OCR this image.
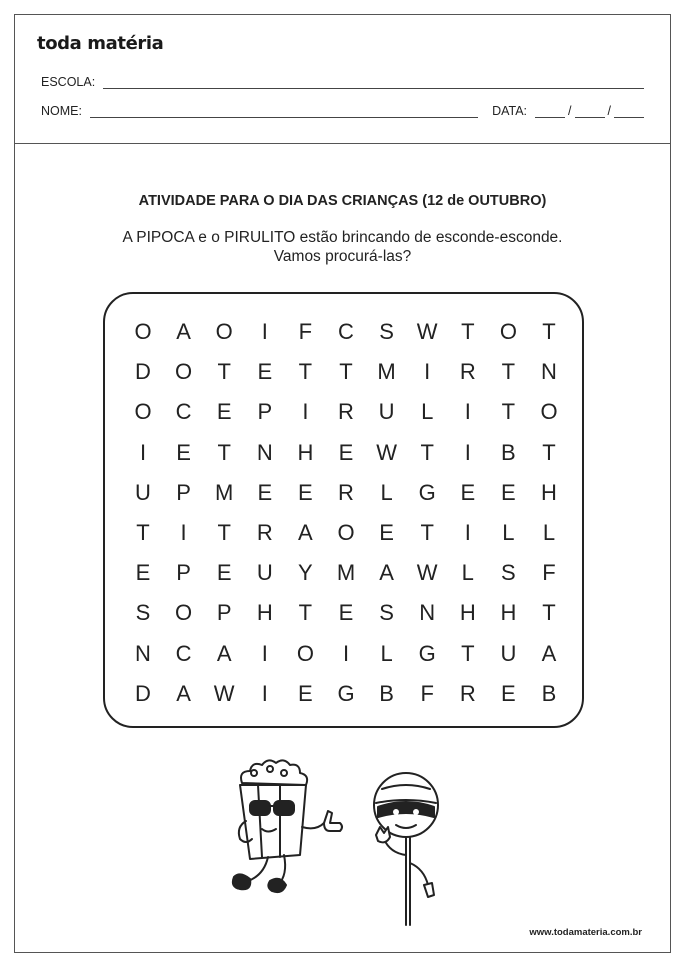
toda matéria
ESCOLA:
NOME:	DATA:	/	/
ATIVIDADE PARA O DIA DAS CRIANÇAS (12 de OUTUBRO)
A PIPOCA e o PIRULITO estão brincando de esconde-esconde.
Vamos procurá-las?
O	A	O	I	F	C	S	W	T	O	T
D	O	T	E	T	T	M	I	R	T	N
O	C	E	P	I	R	U	L	I	T	O
I	E	T	N	H	E	W	T	I	B	T
U	P	M	E	E	R	L	G	E	E	H
T	I	T	R	A	O	E	T	I	L	L
E	P	E	U	Y	M	A	W	L	S	F
S	O	P	H	T	E	S	N	H	H	T
N	C	A	I	O	I	L	G	T	U	A
D	A	W	I	E	G	B	F	R	E	B
www.todamateria.com.br
